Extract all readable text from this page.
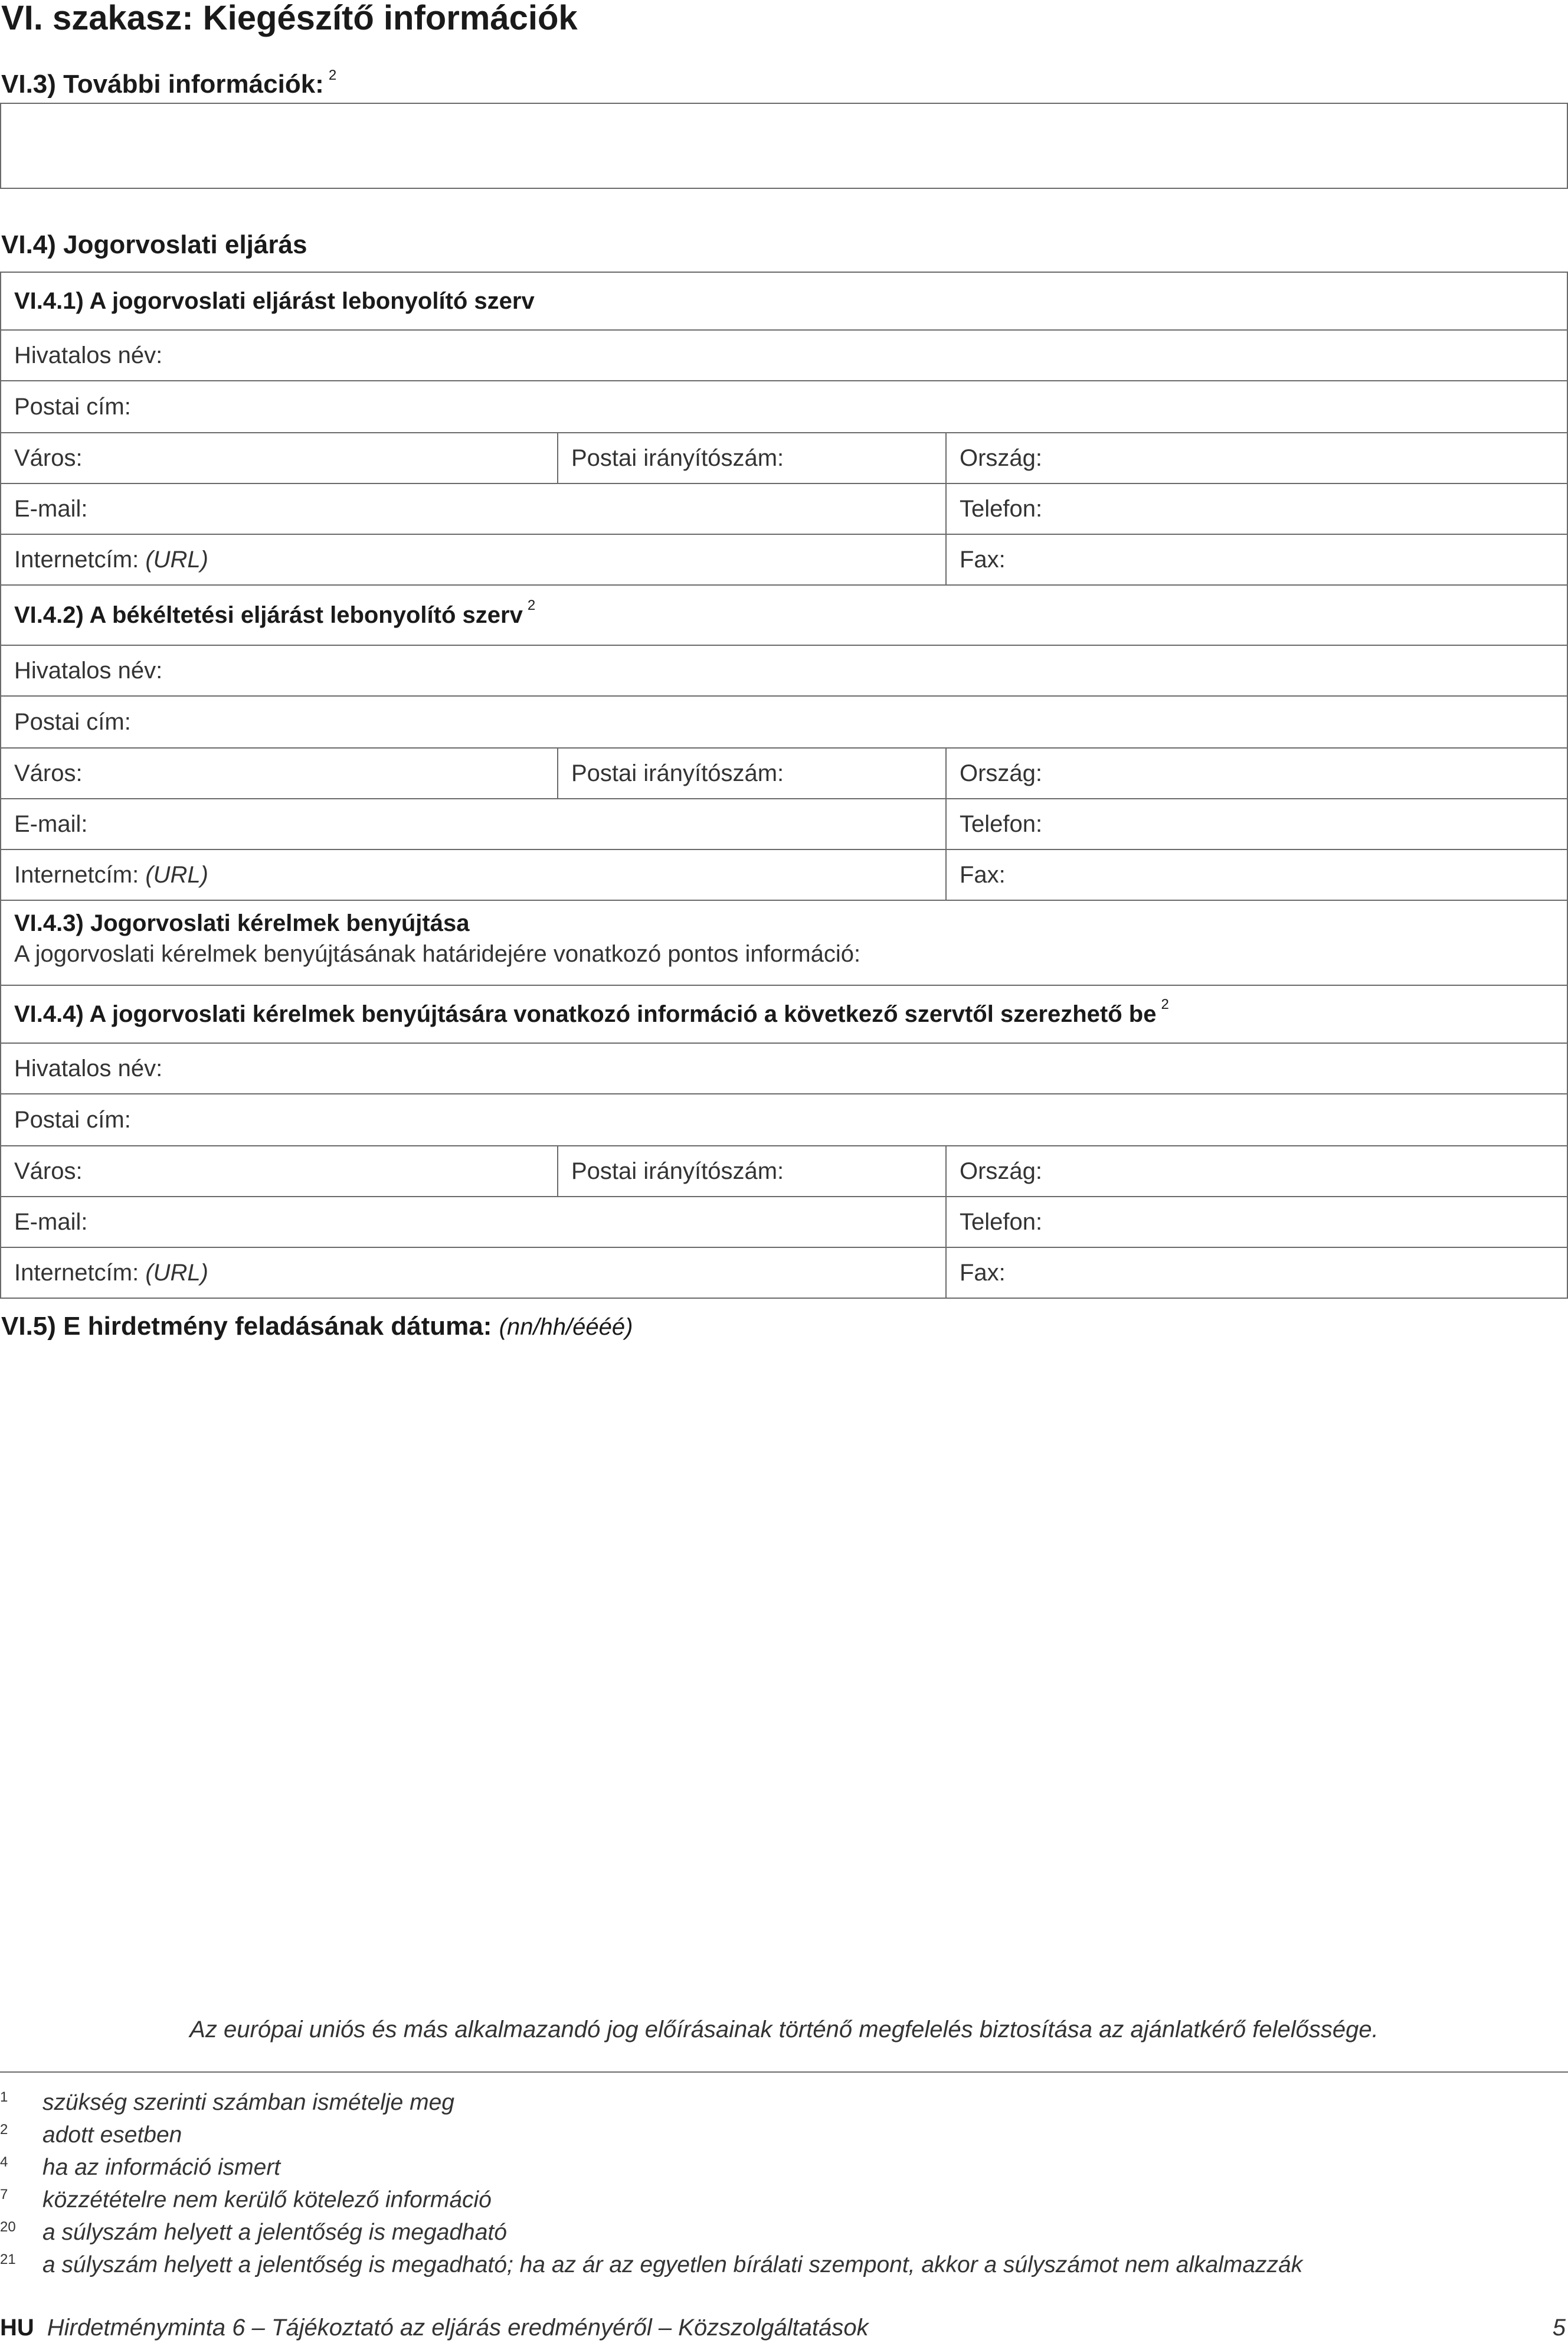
VI. szakasz: Kiegészítő információk
VI.3) További információk: $^2$
VI.4) Jogorvoslati eljárás
VI.4.1) A jogorvoslati eljárást lebonyolító szerv
Hivatalos név:
Postai cím:
Város:	Postai irányítószám:	Ország:
E-mail:	Telefon:
Internetcím: (URL)	Fax:
VI.4.2) A békéltetési eljárást lebonyolító szerv $^2$
Hivatalos név:
Postai cím:
Város:	Postai irányítószám:	Ország:
E-mail:	Telefon:
Internetcím: (URL)	Fax:
VI.4.3) Jogorvoslati kérelmek benyújtása
A jogorvoslati kérelmek benyújtásának határidejére vonatkozó pontos információ:
VI.4.4) A jogorvoslati kérelmek benyújtására vonatkozó információ a következő szervtől szerezhető be $^2$
Hivatalos név:
Postai cím:
Város:	Postai irányítószám:	Ország:
E-mail:	Telefon:
Internetcím: (URL)	Fax:
VI.5) E hirdetmény feladásának dátuma: (nn/hh/éééé)
Az európai uniós és más alkalmazandó jog előírásainak történő megfelelés biztosítása az ajánlatkérő felelőssége.
1 szükség szerinti számban ismételje meg
2 adott esetben
4 ha az információ ismert
7 közzétételre nem kerülő kötelező információ
20 a súlyszám helyett a jelentőség is megadható
21 a súlyszám helyett a jelentőség is megadható; ha az ár az egyetlen bírálati szempont, akkor a súlyszámot nem alkalmazzák
HU Hirdetményminta 6 – Tájékoztató az eljárás eredményéről – Közszolgáltatások	5
